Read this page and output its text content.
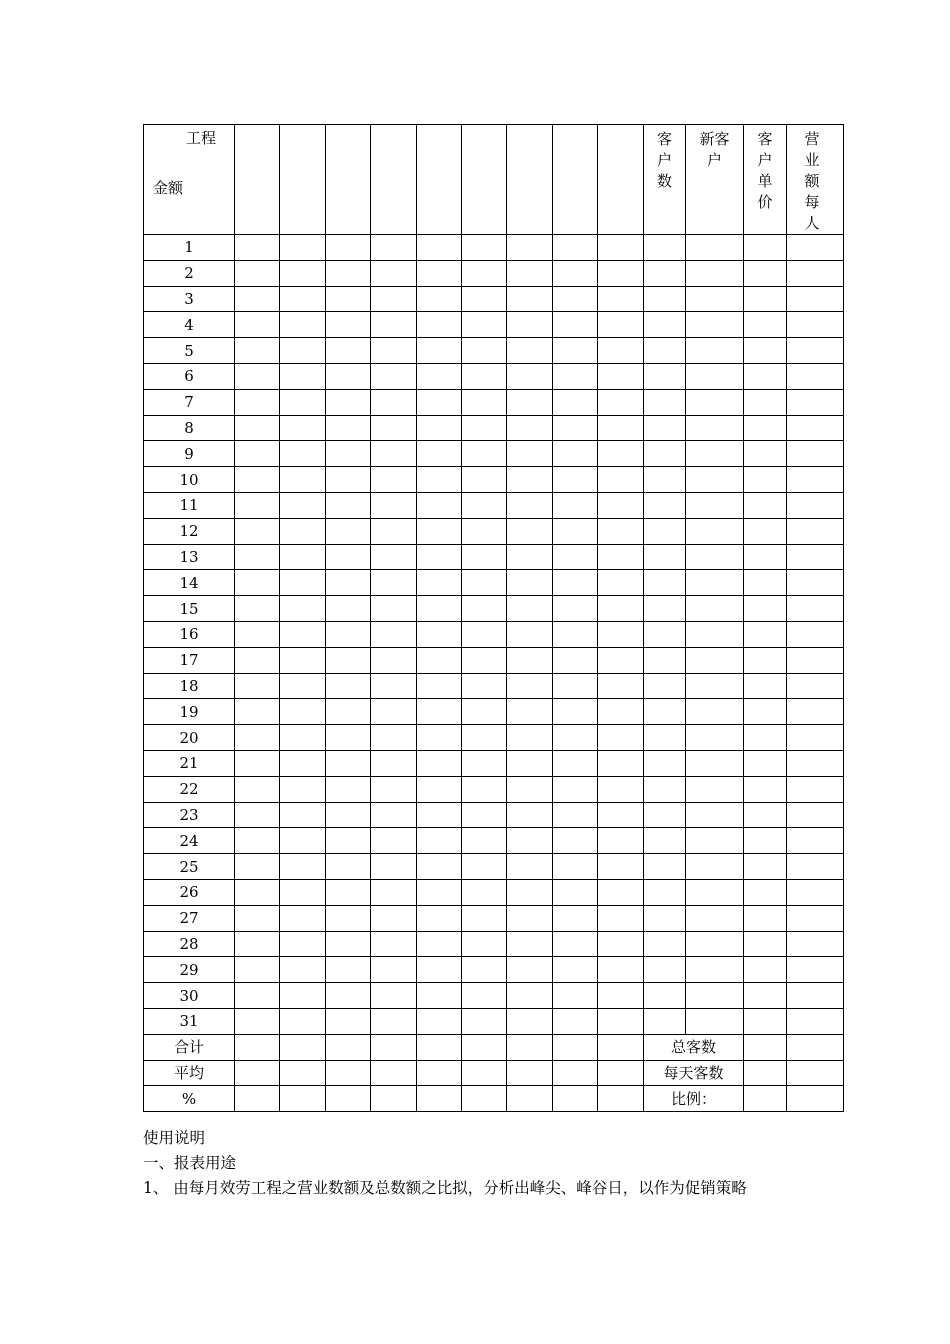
工程
金额										客户数	新客户	客户单价	营业额每人

1													
2													
3													
4													
5													
6													
7													
8													
9													
10													
11													
12													
13													
14													
15													
16													
17													
18													
19													
20													
21													
22													
23													
24													
25													
26													
27													
28													
29													
30													
31													
合计										总客数			
平均										每天客数			
%										比例：			

使用说明

一、报表用途

1、 由每月效劳工程之营业数额及总数额之比拟，分析出峰尖、峰谷日，以作为促销策略
